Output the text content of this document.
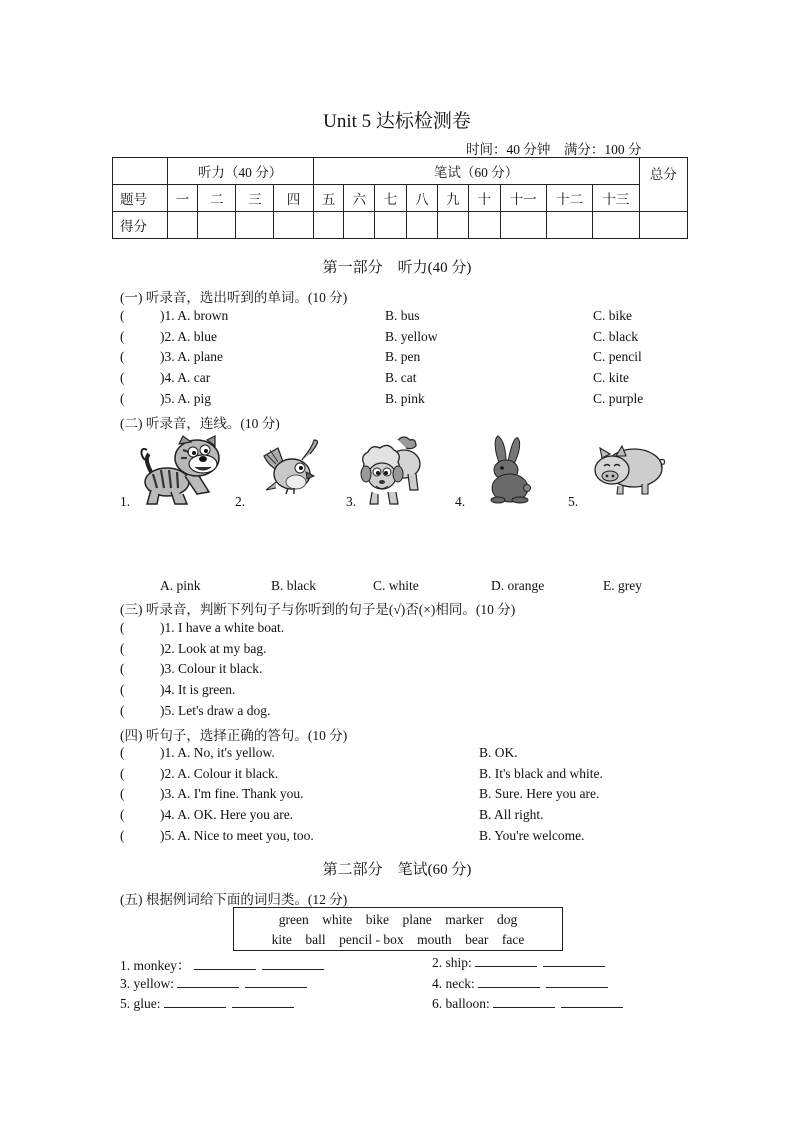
Unit 5 达标检测卷
时间：40 分钟　满分：100 分
	听力（40 分）				笔试（60 分）									总分
题号	一	二	三	四	五	六	七	八	九	十	十一	十二	十三	
得分														
第一部分　听力(40 分)
(一) 听录音，选出听到的单词。(10 分)
(	)1. A. brown	B. bus	C. bike
(	)2. A. blue	B. yellow	C. black
(	)3. A. plane	B. pen	C. pencil
(	)4. A. car	B. cat	C. kite
(	)5. A. pig	B. pink	C. purple
(二) 听录音，连线。(10 分)
1.	2.	3.	4.	5.
A. pink	B. black	C. white	D. orange	E. grey
(三) 听录音，判断下列句子与你听到的句子是(√)否(×)相同。(10 分)
(	)1. I have a white boat.
(	)2. Look at my bag.
(	)3. Colour it black.
(	)4. It is green.
(	)5. Let's draw a dog.
(四) 听句子，选择正确的答句。(10 分)
(	)1. A. No, it's yellow.	B. OK.
(	)2. A. Colour it black.	B. It's black and white.
(	)3. A. I'm fine. Thank you.	B. Sure. Here you are.
(	)4. A. OK. Here you are.	B. All right.
(	)5. A. Nice to meet you, too.	B. You're welcome.
第二部分　笔试(60 分)
(五) 根据例词给下面的词归类。(12 分)
green    white    bike    plane    marker    dog
kite    ball    pencil - box    mouth    bear    face
1. monkey：	2. ship:
3. yellow:	4. neck:
5. glue:	6. balloon:
